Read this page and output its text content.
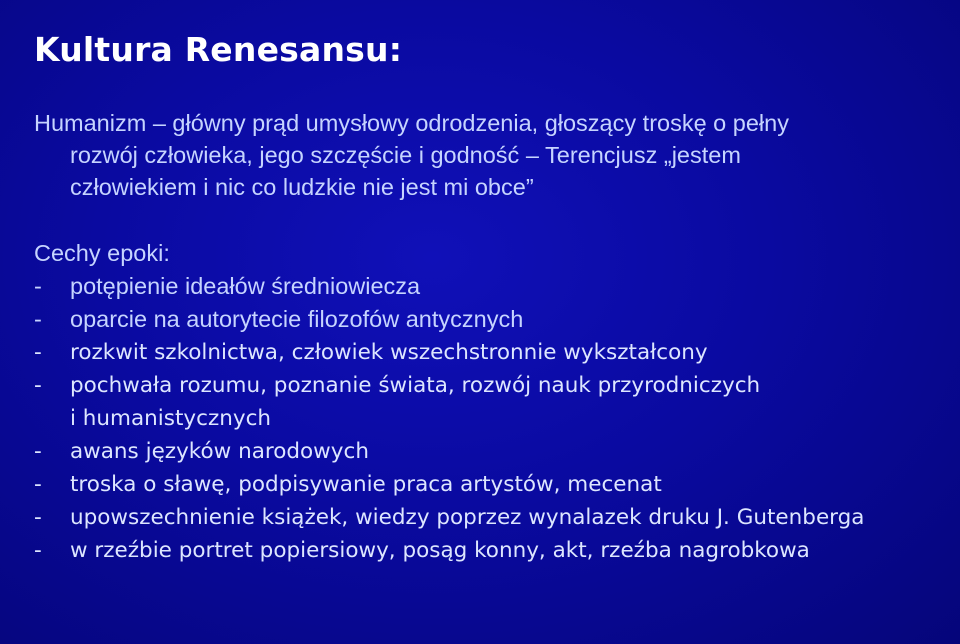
Kultura Renesansu:

Humanizm – główny prąd umysłowy odrodzenia, głoszący troskę o pełny
rozwój człowieka, jego szczęście i godność – Terencjusz „jestem
człowiekiem i nic co ludzkie nie jest mi obce”

Cechy epoki:
- potępienie ideałów średniowiecza
- oparcie na autorytecie filozofów antycznych
- rozkwit szkolnictwa, człowiek wszechstronnie wykształcony
- pochwała rozumu, poznanie świata, rozwój nauk przyrodniczych
i humanistycznych
- awans języków narodowych
- troska o sławę, podpisywanie praca artystów, mecenat
- upowszechnienie książek, wiedzy poprzez wynalazek druku J. Gutenberga
- w rzeźbie portret popiersiowy, posąg konny, akt, rzeźba nagrobkowa
